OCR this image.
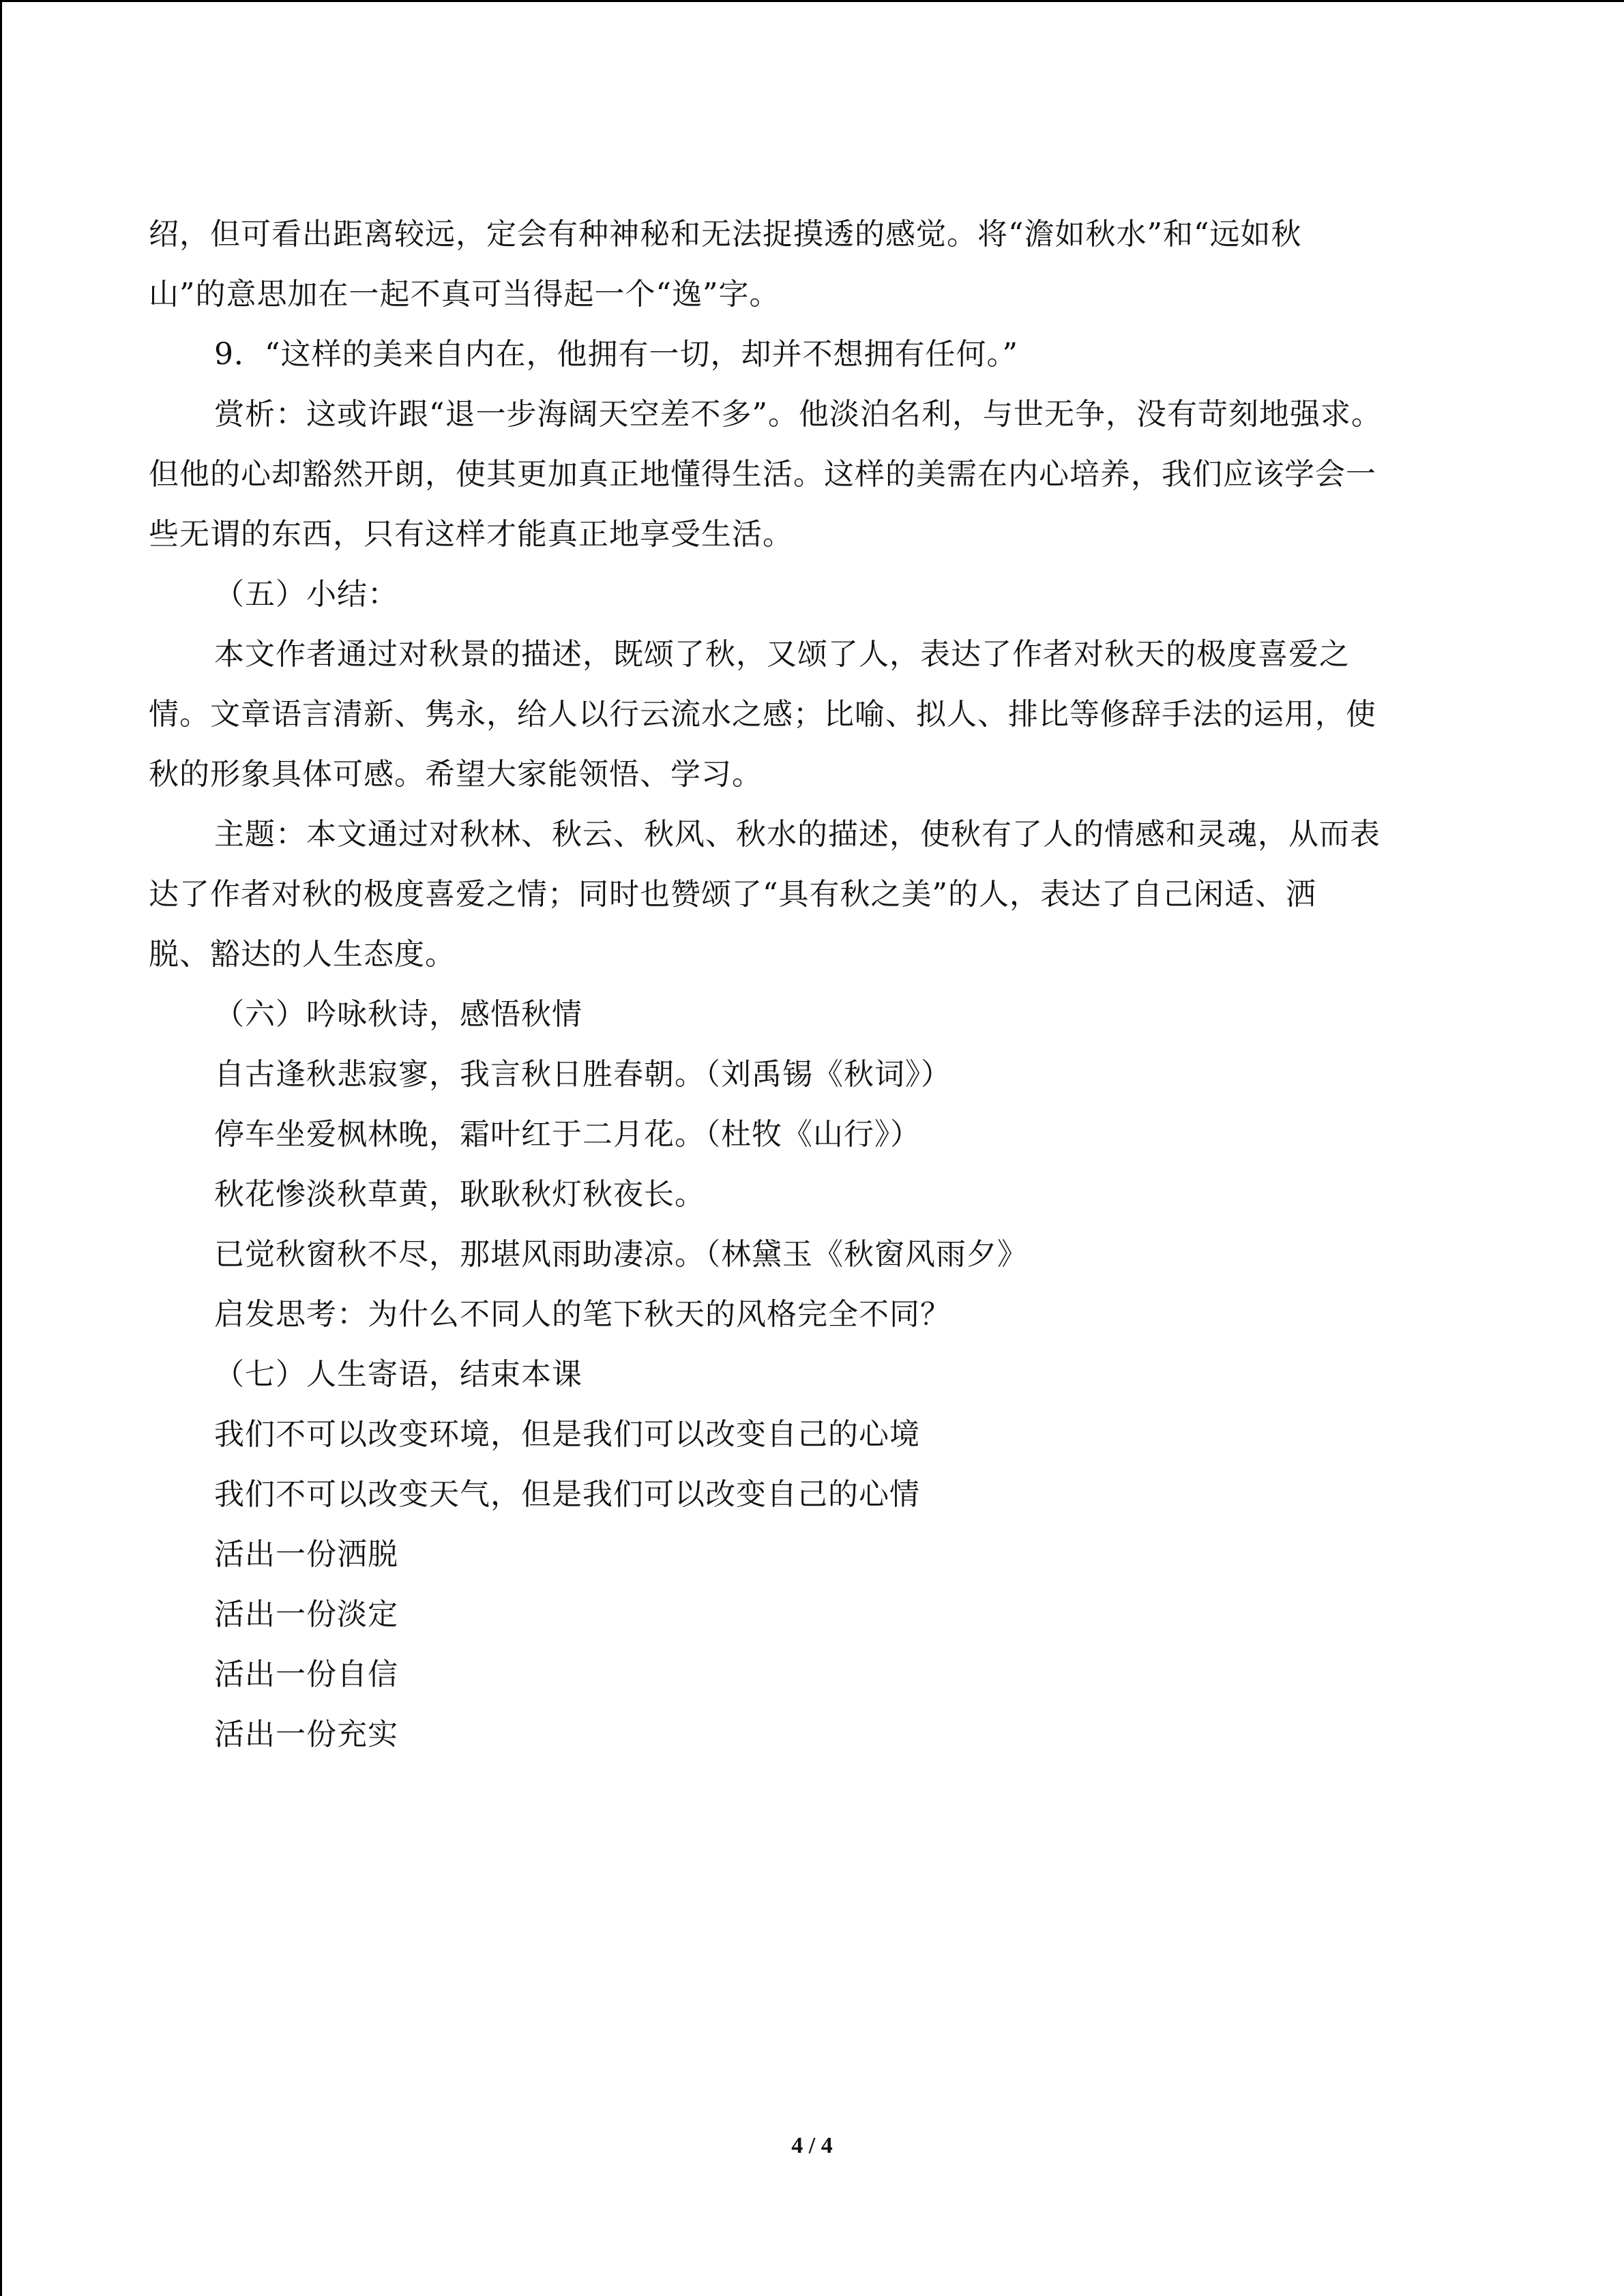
绍，但可看出距离较远，定会有种神秘和无法捉摸透的感觉。将“澹如秋水”和“远如秋
山”的意思加在一起不真可当得起一个“逸”字。
9．“这样的美来自内在，他拥有一切，却并不想拥有任何。”
赏析：这或许跟“退一步海阔天空差不多”。他淡泊名利，与世无争，没有苛刻地强求。
但他的心却豁然开朗，使其更加真正地懂得生活。这样的美需在内心培养，我们应该学会一
些无谓的东西，只有这样才能真正地享受生活。
（五）小结：
本文作者通过对秋景的描述，既颂了秋，又颂了人，表达了作者对秋天的极度喜爱之
情。文章语言清新、隽永，给人以行云流水之感；比喻、拟人、排比等修辞手法的运用，使
秋的形象具体可感。希望大家能领悟、学习。
主题：本文通过对秋林、秋云、秋风、秋水的描述，使秋有了人的情感和灵魂，从而表
达了作者对秋的极度喜爱之情；同时也赞颂了“具有秋之美”的人，表达了自己闲适、洒
脱、豁达的人生态度。
（六）吟咏秋诗，感悟秋情
自古逢秋悲寂寥，我言秋日胜春朝。（刘禹锡《秋词》）
停车坐爱枫林晚，霜叶红于二月花。（杜牧《山行》）
秋花惨淡秋草黄，耿耿秋灯秋夜长。
已觉秋窗秋不尽，那堪风雨助凄凉。（林黛玉《秋窗风雨夕》
启发思考：为什么不同人的笔下秋天的风格完全不同？
（七）人生寄语，结束本课
我们不可以改变环境，但是我们可以改变自己的心境
我们不可以改变天气，但是我们可以改变自己的心情
活出一份洒脱
活出一份淡定
活出一份自信
活出一份充实
4 / 4
